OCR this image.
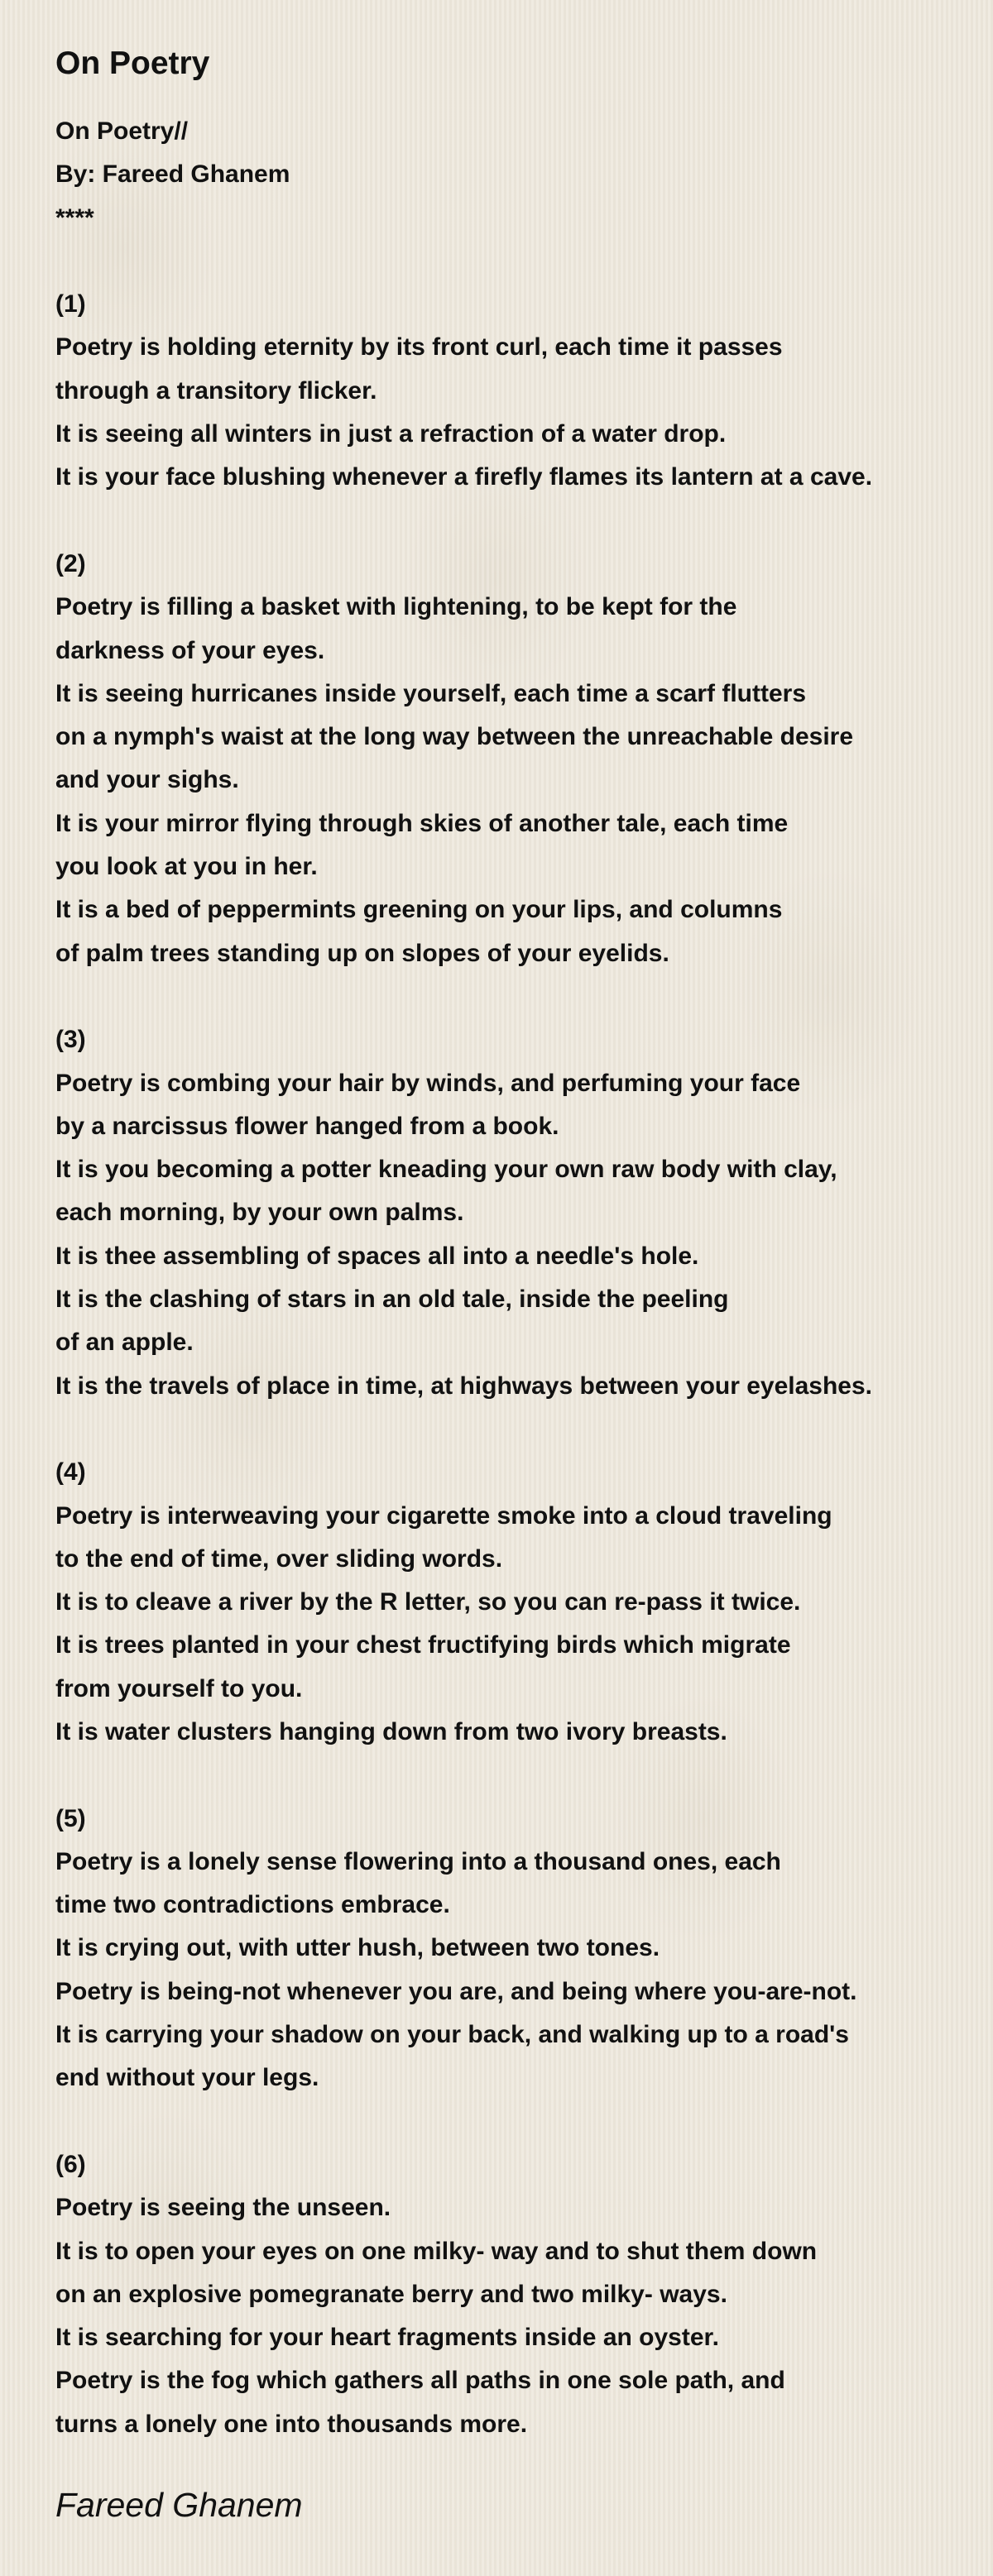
On Poetry
On Poetry//
By: Fareed Ghanem
****
(1)
Poetry is holding eternity by its front curl, each time it passes
through a transitory flicker.
It is seeing all winters in just a refraction of a water drop.
It is your face blushing whenever a firefly flames its lantern at a cave.
(2)
Poetry is filling a basket with lightening, to be kept for the
darkness of your eyes.
It is seeing hurricanes inside yourself, each time a scarf flutters
on a nymph's waist at the long way between the unreachable desire
and your sighs.
It is your mirror flying through skies of another tale, each time
you look at you in her.
It is a bed of peppermints greening on your lips, and columns
of palm trees standing up on slopes of your eyelids.
(3)
Poetry is combing your hair by winds, and perfuming your face
by a narcissus flower hanged from a book.
It is you becoming a potter kneading your own raw body with clay,
each morning, by your own palms.
It is thee assembling of spaces all into a needle's hole.
It is the clashing of stars in an old tale, inside the peeling
of an apple.
It is the travels of place in time, at highways between your eyelashes.
(4)
Poetry is interweaving your cigarette smoke into a cloud traveling
to the end of time, over sliding words.
It is to cleave a river by the R letter, so you can re-pass it twice.
It is trees planted in your chest fructifying birds which migrate
from yourself to you.
It is water clusters hanging down from two ivory breasts.
(5)
Poetry is a lonely sense flowering into a thousand ones, each
time two contradictions embrace.
It is crying out, with utter hush, between two tones.
Poetry is being-not whenever you are, and being where you-are-not.
It is carrying your shadow on your back, and walking up to a road's
end without your legs.
(6)
Poetry is seeing the unseen.
It is to open your eyes on one milky- way and to shut them down
on an explosive pomegranate berry and two milky- ways.
It is searching for your heart fragments inside an oyster.
Poetry is the fog which gathers all paths in one sole path, and
turns a lonely one into thousands more.
Fareed Ghanem
